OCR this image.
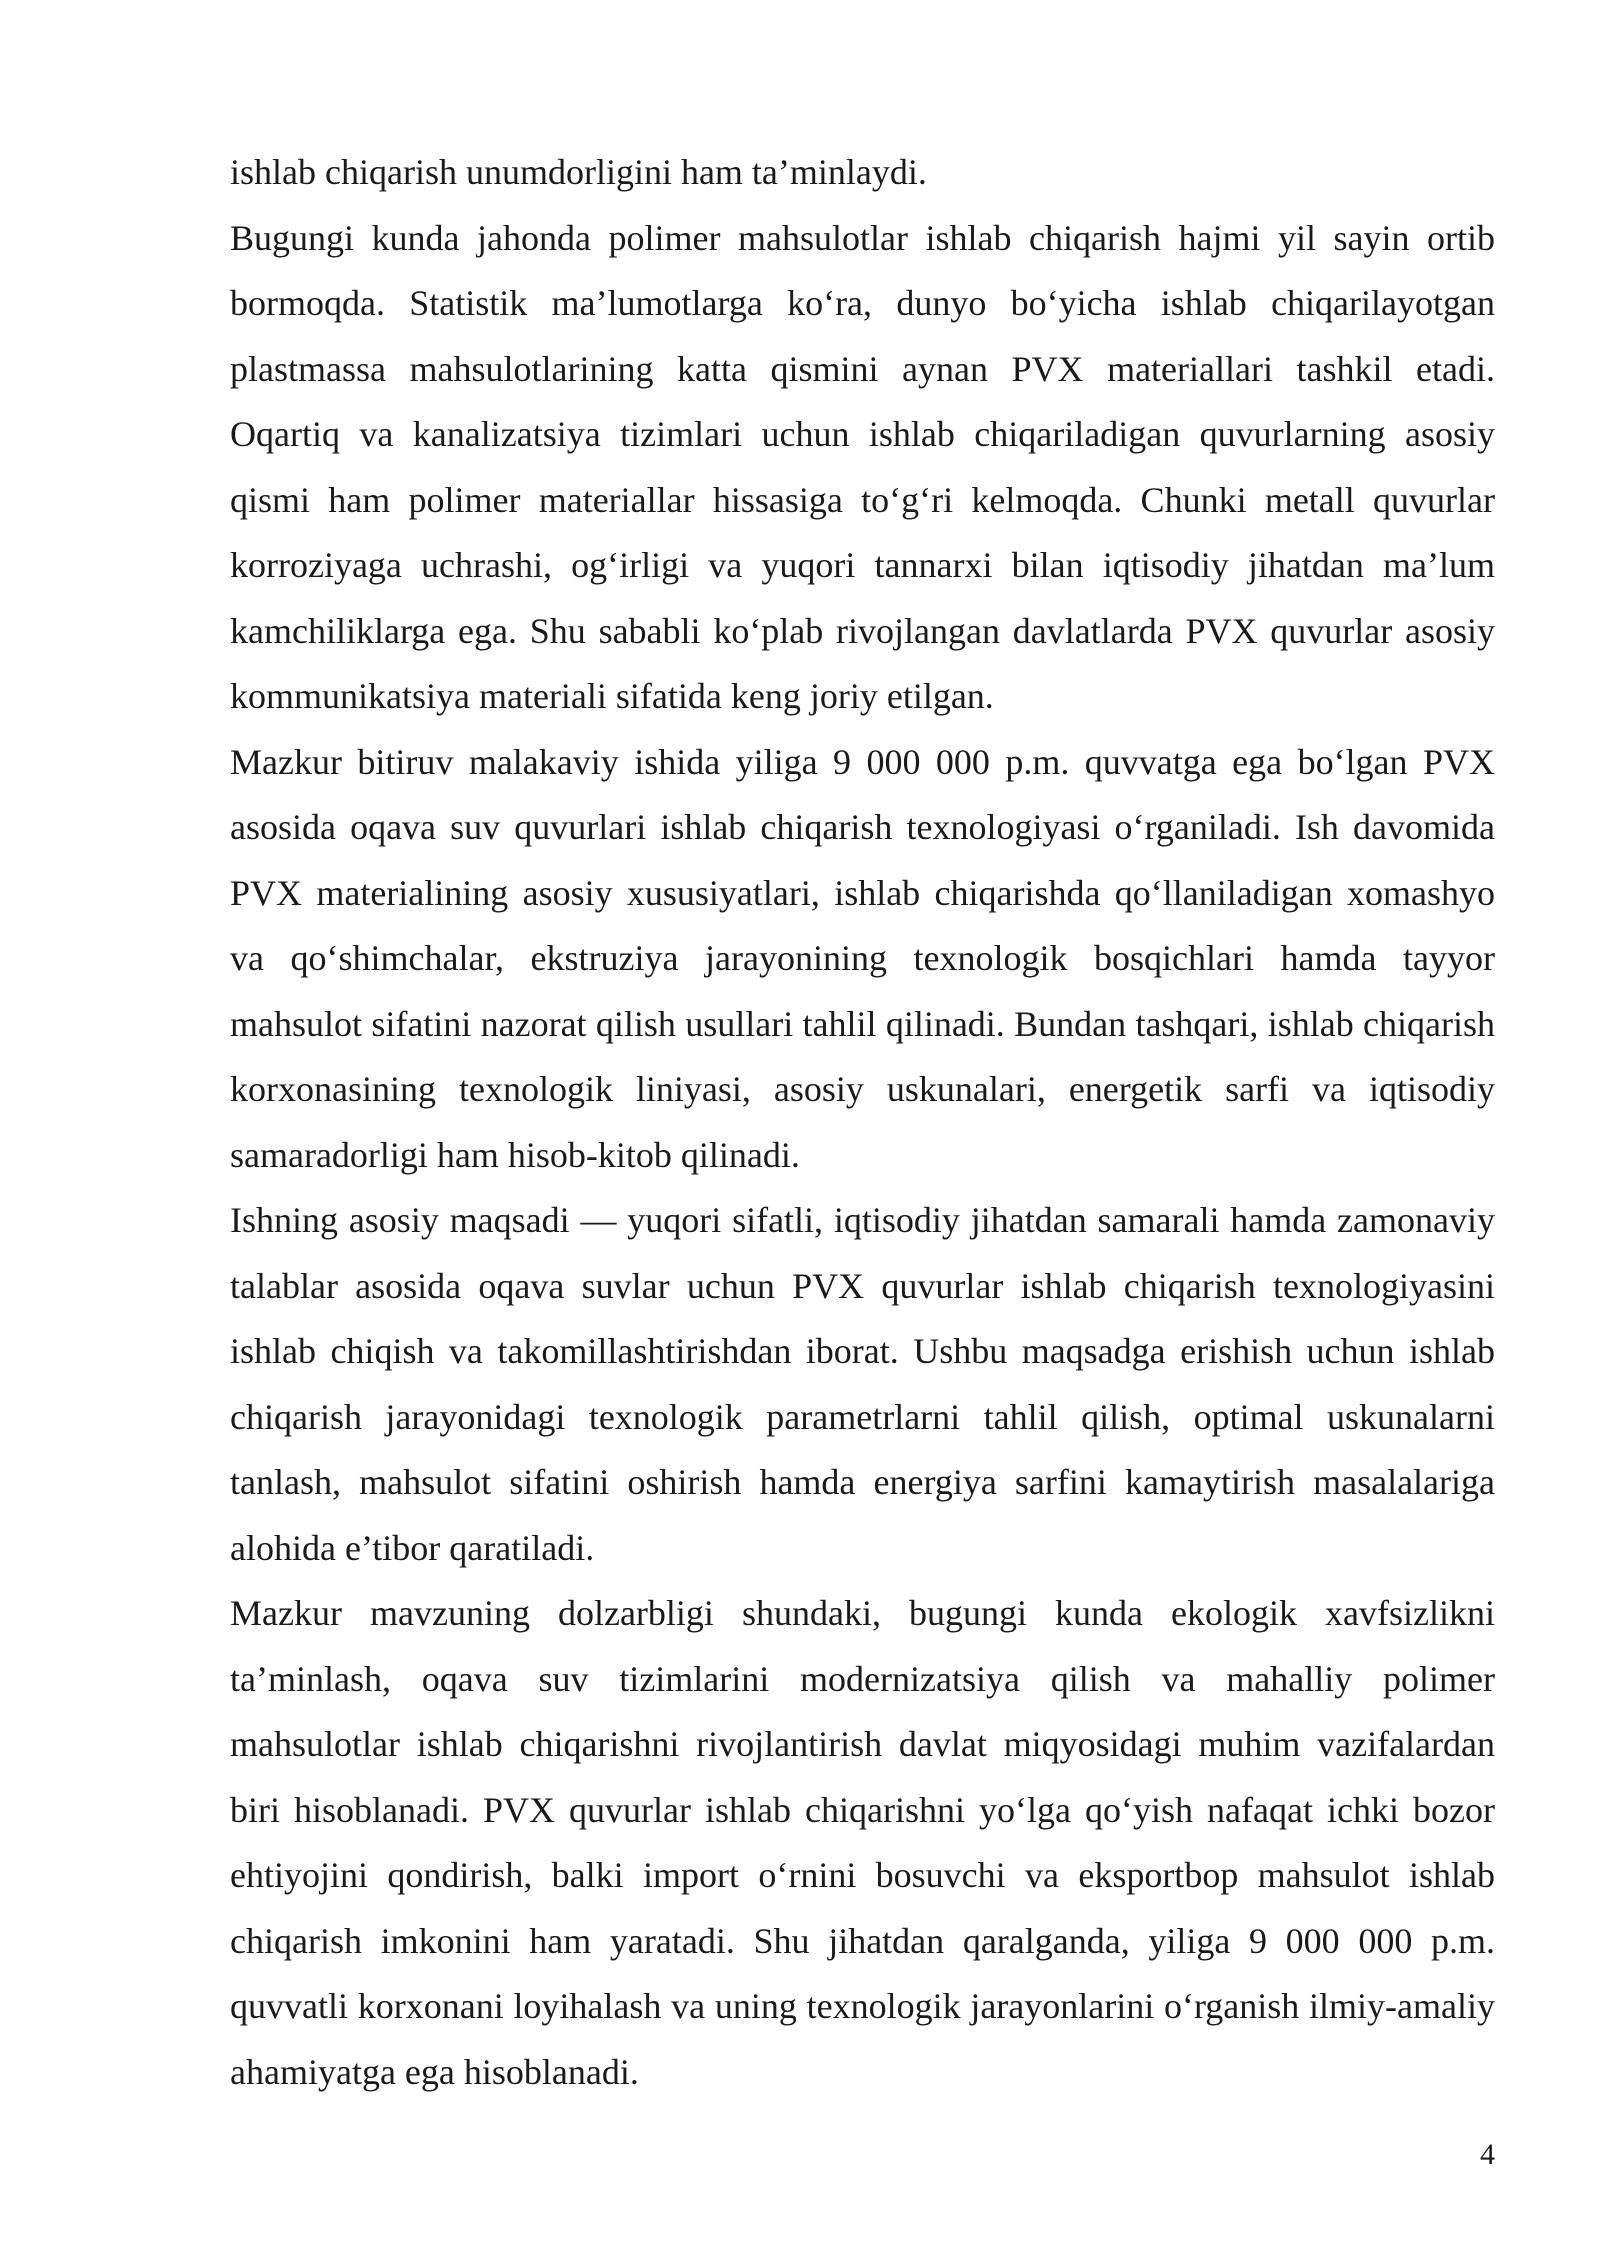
ishlab chiqarish unumdorligini ham ta’minlaydi.

Bugungi kunda jahonda polimer mahsulotlar ishlab chiqarish hajmi yil sayin ortib bormoqda. Statistik ma’lumotlarga ko‘ra, dunyo bo‘yicha ishlab chiqarilayotgan plastmassa mahsulotlarining katta qismini aynan PVX materiallari tashkil etadi. Oqartiq va kanalizatsiya tizimlari uchun ishlab chiqariladigan quvurlarning asosiy qismi ham polimer materiallar hissasiga to‘g‘ri kelmoqda. Chunki metall quvurlar korroziyaga uchrashi, og‘irligi va yuqori tannarxi bilan iqtisodiy jihatdan ma’lum kamchiliklarga ega. Shu sababli ko‘plab rivojlangan davlatlarda PVX quvurlar asosiy kommunikatsiya materiali sifatida keng joriy etilgan.

Mazkur bitiruv malakaviy ishida yiliga 9 000 000 p.m. quvvatga ega bo‘lgan PVX asosida oqava suv quvurlari ishlab chiqarish texnologiyasi o‘rganiladi. Ish davomida PVX materialining asosiy xususiyatlari, ishlab chiqarishda qo‘llaniladigan xomashyo va qo‘shimchalar, ekstruziya jarayonining texnologik bosqichlari hamda tayyor mahsulot sifatini nazorat qilish usullari tahlil qilinadi. Bundan tashqari, ishlab chiqarish korxonasining texnologik liniyasi, asosiy uskunalari, energetik sarfi va iqtisodiy samaradorligi ham hisob-kitob qilinadi.

Ishning asosiy maqsadi — yuqori sifatli, iqtisodiy jihatdan samarali hamda zamonaviy talablar asosida oqava suvlar uchun PVX quvurlar ishlab chiqarish texnologiyasini ishlab chiqish va takomillashtirishdan iborat. Ushbu maqsadga erishish uchun ishlab chiqarish jarayonidagi texnologik parametrlarni tahlil qilish, optimal uskunalarni tanlash, mahsulot sifatini oshirish hamda energiya sarfini kamaytirish masalalariga alohida e’tibor qaratiladi.

Mazkur mavzuning dolzarbligi shundaki, bugungi kunda ekologik xavfsizlikni ta’minlash, oqava suv tizimlarini modernizatsiya qilish va mahalliy polimer mahsulotlar ishlab chiqarishni rivojlantirish davlat miqyosidagi muhim vazifalardan biri hisoblanadi. PVX quvurlar ishlab chiqarishni yo‘lga qo‘yish nafaqat ichki bozor ehtiyojini qondirish, balki import o‘rnini bosuvchi va eksportbop mahsulot ishlab chiqarish imkonini ham yaratadi. Shu jihatdan qaralganda, yiliga 9 000 000 p.m. quvvatli korxonani loyihalash va uning texnologik jarayonlarini o‘rganish ilmiy-amaliy ahamiyatga ega hisoblanadi.

4
